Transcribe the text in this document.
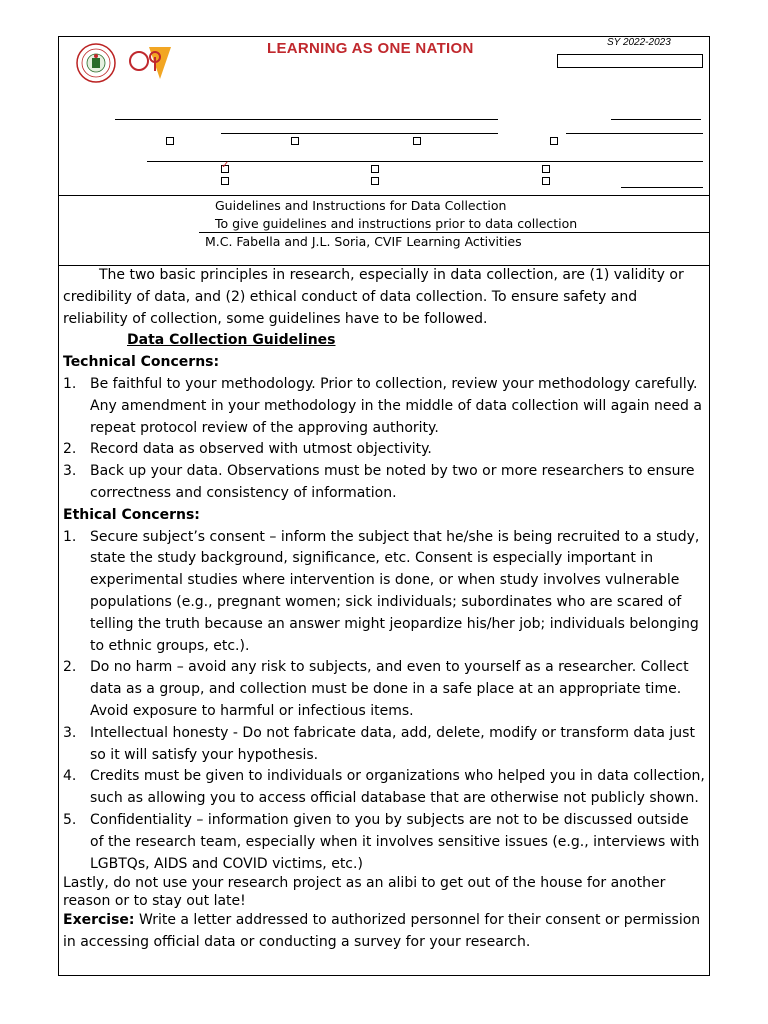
LEARNING AS ONE NATION	SY 2022-2023
✓
Guidelines and Instructions for Data Collection
To give guidelines and instructions prior to data collection
M.C. Fabella and J.L. Soria, CVIF Learning Activities

The two basic principles in research, especially in data collection, are (1) validity or credibility of data, and (2) ethical conduct of data collection. To ensure safety and reliability of collection, some guidelines have to be followed.

Data Collection Guidelines

Technical Concerns:

1. Be faithful to your methodology. Prior to collection, review your methodology carefully. Any amendment in your methodology in the middle of data collection will again need a repeat protocol review of the approving authority.
2. Record data as observed with utmost objectivity.
3. Back up your data. Observations must be noted by two or more researchers to ensure correctness and consistency of information.

Ethical Concerns:

1. Secure subject’s consent – inform the subject that he/she is being recruited to a study, state the study background, significance, etc. Consent is especially important in experimental studies where intervention is done, or when study involves vulnerable populations (e.g., pregnant women; sick individuals; subordinates who are scared of telling the truth because an answer might jeopardize his/her job; individuals belonging to ethnic groups, etc.).
2. Do no harm – avoid any risk to subjects, and even to yourself as a researcher. Collect data as a group, and collection must be done in a safe place at an appropriate time. Avoid exposure to harmful or infectious items.
3. Intellectual honesty - Do not fabricate data, add, delete, modify or transform data just so it will satisfy your hypothesis.
4. Credits must be given to individuals or organizations who helped you in data collection, such as allowing you to access official database that are otherwise not publicly shown.
5. Confidentiality – information given to you by subjects are not to be discussed outside of the research team, especially when it involves sensitive issues (e.g., interviews with LGBTQs, AIDS and COVID victims, etc.)

Lastly, do not use your research project as an alibi to get out of the house for another reason or to stay out late!

Exercise: Write a letter addressed to authorized personnel for their consent or permission in accessing official data or conducting a survey for your research.
